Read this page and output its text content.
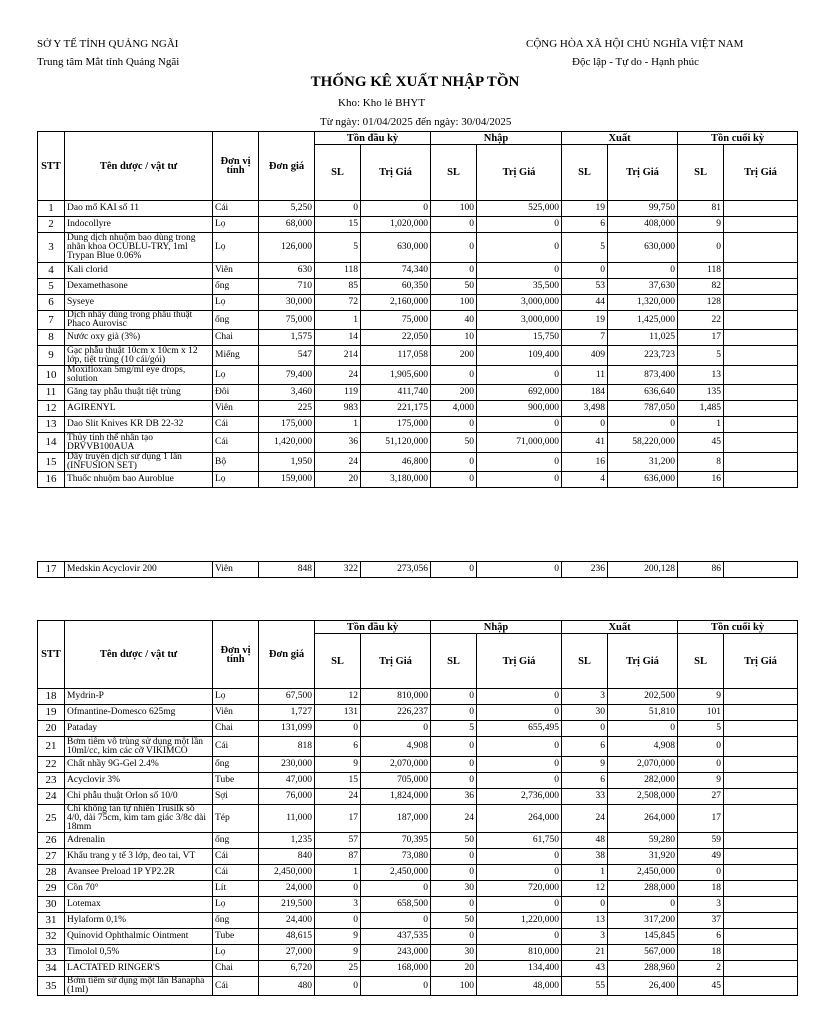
SỞ Y TẾ TỈNH QUẢNG NGÃI
Trung tâm Mắt tỉnh Quảng Ngãi
CỘNG HÒA XÃ HỘI CHỦ NGHĨA VIỆT NAM
Độc lập - Tự do - Hạnh phúc
THỐNG KÊ XUẤT NHẬP TỒN
Kho: Kho lẻ BHYT
Từ ngày: 01/04/2025 đến ngày: 30/04/2025
STT	Tên dược / vật tư	Đơn vị tính	Đơn giá	Tồn đầu kỳ		Nhập		Xuất		Tồn cuối kỳ	
				SL	Trị Giá	SL	Trị Giá	SL	Trị Giá	SL	Trị Giá
1	Dao mổ KAI số 11	Cái	5,250	0	0	100	525,000	19	99,750	81	
2	Indocollyre	Lọ	68,000	15	1,020,000	0	0	6	408,000	9	
3	Dung dịch nhuộm bao dùng trong nhãn khoa OCUBLU-TRY, 1ml Trypan Blue 0.06%	Lọ	126,000	5	630,000	0	0	5	630,000	0	
4	Kali clorid	Viên	630	118	74,340	0	0	0	0	118	
5	Dexamethasone	ống	710	85	60,350	50	35,500	53	37,630	82	
6	Syseye	Lọ	30,000	72	2,160,000	100	3,000,000	44	1,320,000	128	
7	Dịch nhầy dùng trong phẫu thuật Phaco Aurovisc	ống	75,000	1	75,000	40	3,000,000	19	1,425,000	22	
8	Nước oxy già (3%)	Chai	1,575	14	22,050	10	15,750	7	11,025	17	
9	Gạc phẫu thuật 10cm x 10cm x 12 lớp, tiệt trùng (10 cái/gói)	Miếng	547	214	117,058	200	109,400	409	223,723	5	
10	Moxifloxan 5mg/ml eye drops, solution	Lọ	79,400	24	1,905,600	0	0	11	873,400	13	
11	Găng tay phẫu thuật tiệt trùng	Đôi	3,460	119	411,740	200	692,000	184	636,640	135	
12	AGIRENYL	Viên	225	983	221,175	4,000	900,000	3,498	787,050	1,485	
13	Dao Slit Knives KR DB 22-32	Cái	175,000	1	175,000	0	0	0	0	1	
14	Thủy tinh thể nhân tạo DRVVB100AUA	Cái	1,420,000	36	51,120,000	50	71,000,000	41	58,220,000	45	
15	Dây truyền dịch sử dụng 1 lần (INFUSION SET)	Bộ	1,950	24	46,800	0	0	16	31,200	8	
16	Thuốc nhuộm bao Auroblue	Lọ	159,000	20	3,180,000	0	0	4	636,000	16	
17	Medskin Acyclovir 200	Viên	848	322	273,056	0	0	236	200,128	86	
STT	Tên dược / vật tư	Đơn vị tính	Đơn giá	Tồn đầu kỳ		Nhập		Xuất		Tồn cuối kỳ	
				SL	Trị Giá	SL	Trị Giá	SL	Trị Giá	SL	Trị Giá
18	Mydrin-P	Lọ	67,500	12	810,000	0	0	3	202,500	9	
19	Ofmantine-Domesco 625mg	Viên	1,727	131	226,237	0	0	30	51,810	101	
20	Pataday	Chai	131,099	0	0	5	655,495	0	0	5	
21	Bơm tiêm vô trùng sử dụng một lần 10ml/cc, kim các cỡ VIKIMCO	Cái	818	6	4,908	0	0	6	4,908	0	
22	Chất nhầy 9G-Gel 2.4%	ống	230,000	9	2,070,000	0	0	9	2,070,000	0	
23	Acyclovir 3%	Tube	47,000	15	705,000	0	0	6	282,000	9	
24	Chỉ phẫu thuật Orlon số 10/0	Sợi	76,000	24	1,824,000	36	2,736,000	33	2,508,000	27	
25	Chỉ không tan tự nhiên Trusilk số 4/0, dài 75cm, kim tam giác 3/8c dài 18mm	Tép	11,000	17	187,000	24	264,000	24	264,000	17	
26	Adrenalin	ống	1,235	57	70,395	50	61,750	48	59,280	59	
27	Khẩu trang y tế 3 lớp, đeo tai, VT	Cái	840	87	73,080	0	0	38	31,920	49	
28	Avansee Preload 1P YP2.2R	Cái	2,450,000	1	2,450,000	0	0	1	2,450,000	0	
29	Cồn 70°	Lít	24,000	0	0	30	720,000	12	288,000	18	
30	Lotemax	Lọ	219,500	3	658,500	0	0	0	0	3	
31	Hylaform 0,1%	ống	24,400	0	0	50	1,220,000	13	317,200	37	
32	Quinovid Ophthalmic Ointment	Tube	48,615	9	437,535	0	0	3	145,845	6	
33	Timolol 0,5%	Lọ	27,000	9	243,000	30	810,000	21	567,000	18	
34	LACTATED RINGER'S	Chai	6,720	25	168,000	20	134,400	43	288,960	2	
35	Bơm tiêm sử dụng một lần Banapha (1ml)	Cái	480	0	0	100	48,000	55	26,400	45	
